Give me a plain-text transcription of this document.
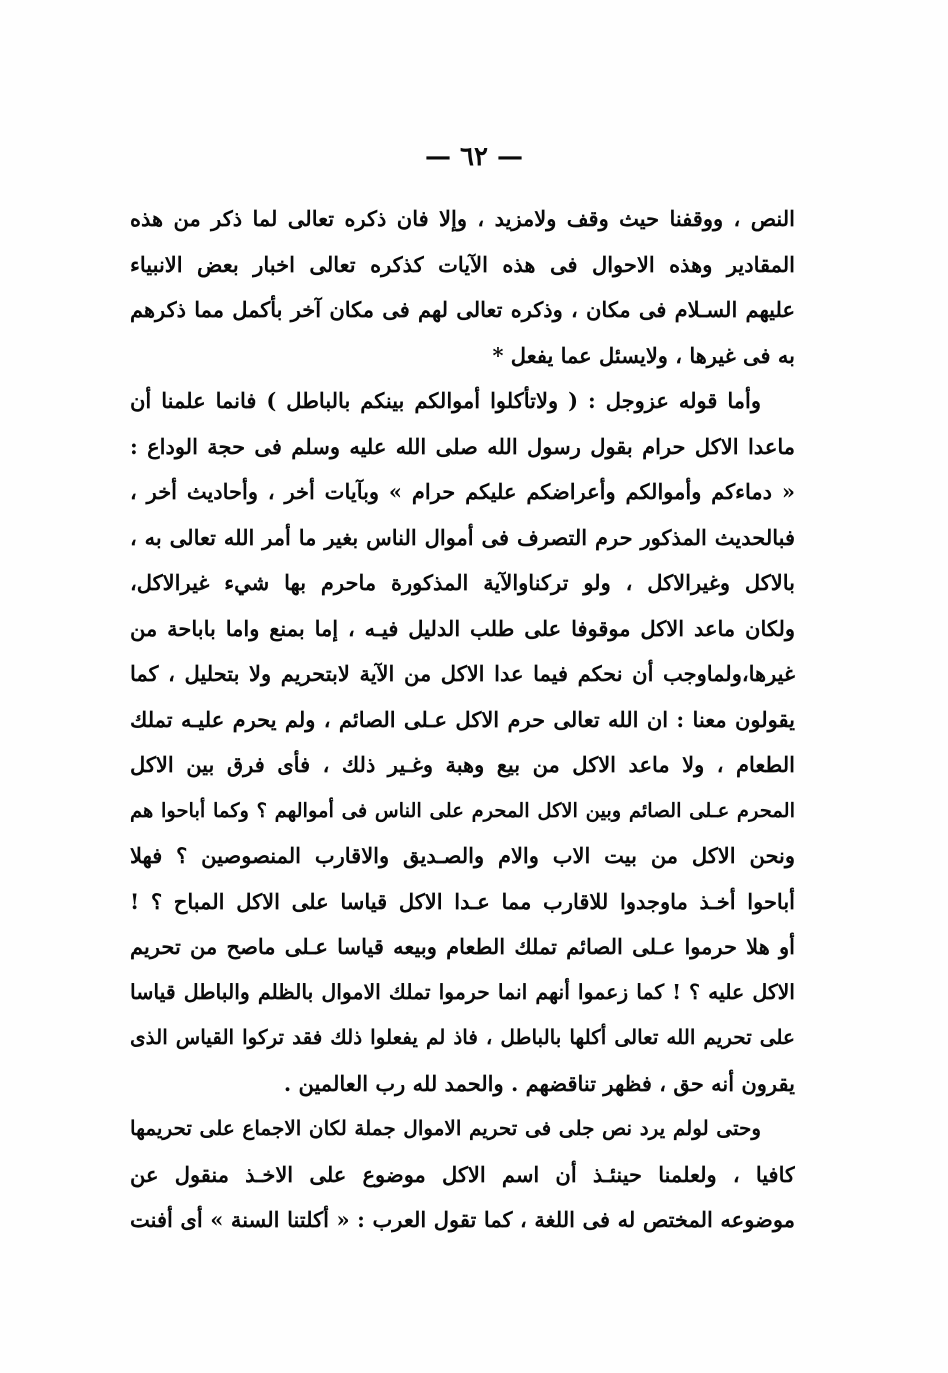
— ٦٢ —
النص ، ووقفنا حيث وقف ولامزيد ، وإلا فان ذكره تعالى لما ذكر من هذه
المقادير وهذه الاحوال فى هذه الآيات كذكره تعالى اخبار بعض الانبياء
عليهم السـلام فى مكان ، وذكره تعالى لهم فى مكان آخر بأكمل مما ذكرهم
به فى غيرها ، ولايسئل عما يفعل *
وأما قوله عزوجل : ( ولاتأكلوا أموالكم بينكم بالباطل ) فانما علمنا أن
ماعدا الاكل حرام بقول رسول الله صلى الله عليه وسلم فى حجة الوداع :
« دماءكم وأموالكم وأعراضكم عليكم حرام » وبآيات أخر ، وأحاديث أخر ،
فبالحديث المذكور حرم التصرف فى أموال الناس بغير ما أمر الله تعالى به ،
بالاكل وغيرالاكل ، ولو تركناوالآية المذكورة ماحرم بها شيء غيرالاكل،
ولكان ماعد الاكل موقوفا على طلب الدليل فيـه ، إما بمنع واما باباحة من
غيرها،ولماوجب أن نحكم فيما عدا الاكل من الآية لابتحريم ولا بتحليل ، كما
يقولون معنا : ان الله تعالى حرم الاكل عـلى الصائم ، ولم يحرم عليـه تملك
الطعام ، ولا ماعد الاكل من بيع وهبة وغـير ذلك ، فأى فرق بين الاكل
المحرم عـلى الصائم وبين الاكل المحرم على الناس فى أموالهم ؟ وكما أباحوا هم
ونحن الاكل من بيت الاب والام والصـديق والاقارب المنصوصين ؟ فهلا
أباحوا أخـذ ماوجدوا للاقارب مما عـدا الاكل قياسا على الاكل المباح ؟ !
أو هلا حرموا عـلى الصائم تملك الطعام وبيعه قياسا عـلى ماصح من تحريم
الاكل عليه ؟ ! كما زعموا أنهم انما حرموا تملك الاموال بالظلم والباطل قياسا
على تحريم الله تعالى أكلها بالباطل ، فاذ لم يفعلوا ذلك فقد تركوا القياس الذى
يقرون أنه حق ، فظهر تناقضهم . والحمد لله رب العالمين .
وحتى لولم يرد نص جلى فى تحريم الاموال جملة لكان الاجماع على تحريمها
كافيا ، ولعلمنا حينئـذ أن اسم الاكل موضوع على الاخـذ منقول عن
موضوعه المختص له فى اللغة ، كما تقول العرب : « أكلتنا السنة » أى أفنت
